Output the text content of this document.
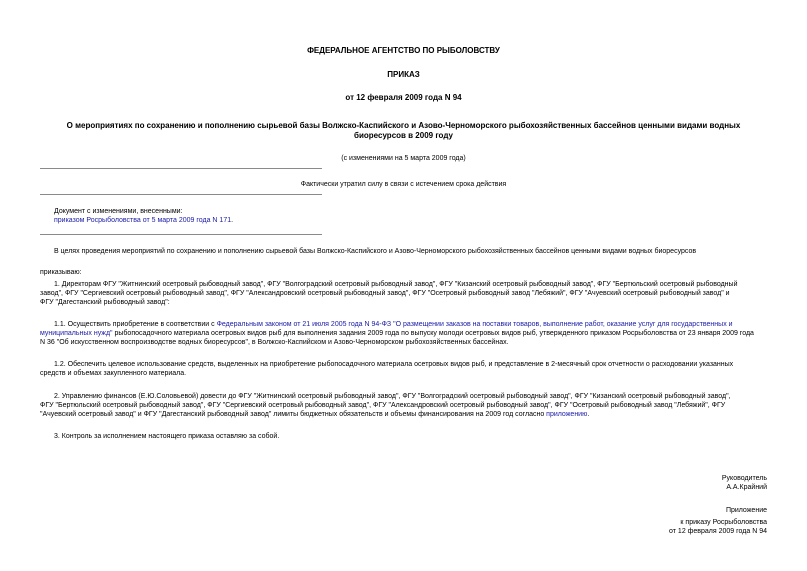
ФЕДЕРАЛЬНОЕ АГЕНТСТВО ПО РЫБОЛОВСТВУ
ПРИКАЗ
от 12 февраля 2009 года N 94
О мероприятиях по сохранению и пополнению сырьевой базы Волжско-Каспийского и Азово-Черноморского рыбохозяйственных бассейнов ценными видами водных биоресурсов в 2009 году
(с изменениями на 5 марта 2009 года)
Фактически утратил силу в связи с истечением срока действия
Документ с изменениями, внесенными:
приказом Росрыболовства от 5 марта 2009 года N 171.
В целях проведения мероприятий по сохранению и пополнению сырьевой базы Волжско-Каспийского и Азово-Черноморского рыбохозяйственных бассейнов ценными видами водных биоресурсов
приказываю:
1. Директорам ФГУ "Житнинский осетровый рыбоводный завод", ФГУ "Волгоградский осетровый рыбоводный завод", ФГУ "Кизанский осетровый рыбоводный завод", ФГУ "Бертюльский осетровый рыбоводный
завод", ФГУ "Сергиевский осетровый рыбоводный завод", ФГУ "Александровский осетровый рыбоводный завод", ФГУ "Осетровый рыбоводный завод "Лебяжий", ФГУ "Ачуевский осетровый рыбоводный завод" и
ФГУ "Дагестанский рыбоводный завод":
1.1. Осуществить приобретение в соответствии с Федеральным законом от 21 июля 2005 года N 94-ФЗ "О размещении заказов на поставки товаров, выполнение работ, оказание услуг для государственных и
муниципальных нужд" рыбопосадочного материала осетровых видов рыб для выполнения задания 2009 года по выпуску молоди осетровых видов рыб, утвержденного приказом Росрыболовства от 23 января 2009 года
N 36 "Об искусственном воспроизводстве водных биоресурсов", в Волжско-Каспийском и Азово-Черноморском рыбохозяйственных бассейнах.
1.2. Обеспечить целевое использование средств, выделенных на приобретение рыбопосадочного материала осетровых видов рыб, и представление в 2-месячный срок отчетности о расходовании указанных
средств и объемах закупленного материала.
2. Управлению финансов (Е.Ю.Соловьевой) довести до ФГУ "Житнинский осетровый рыбоводный завод", ФГУ "Волгоградский осетровый рыбоводный завод", ФГУ "Кизанский осетровый рыбоводный завод",
ФГУ "Бертюльский осетровый рыбоводный завод", ФГУ "Сергиевский осетровый рыбоводный завод", ФГУ "Александровский осетровый рыбоводный завод", ФГУ "Осетровый рыбоводный завод "Лебяжий", ФГУ
"Ачуевский осетровый завод" и ФГУ "Дагестанский рыбоводный завод" лимиты бюджетных обязательств и объемы финансирования на 2009 год согласно приложению.
3. Контроль за исполнением настоящего приказа оставляю за собой.
Руководитель
А.А.Крайний
Приложение
к приказу Росрыболовства
от 12 февраля 2009 года N 94
